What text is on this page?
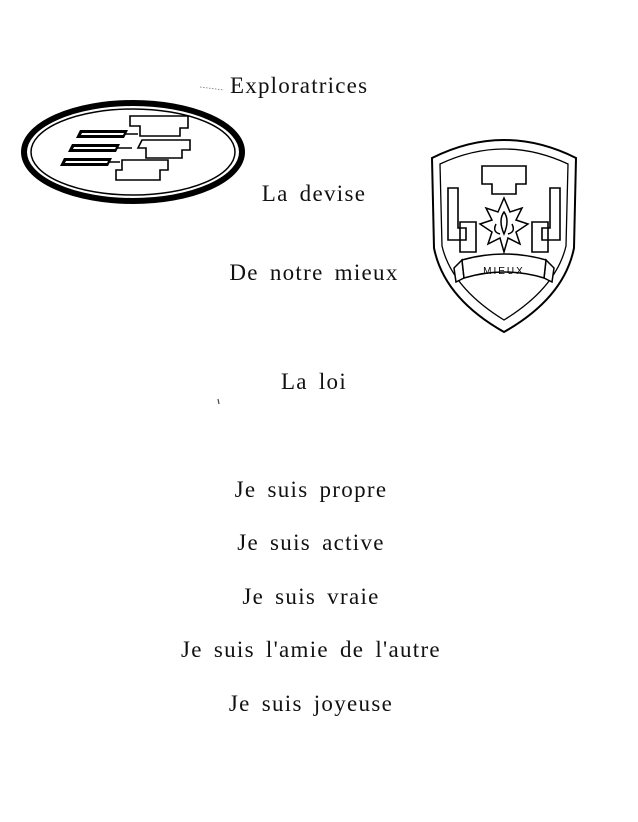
MIEUX
Exploratrices
La devise
De notre mieux
La loi
Je suis propre
Je suis active
Je suis vraie
Je suis l'amie de l'autre
Je suis joyeuse
